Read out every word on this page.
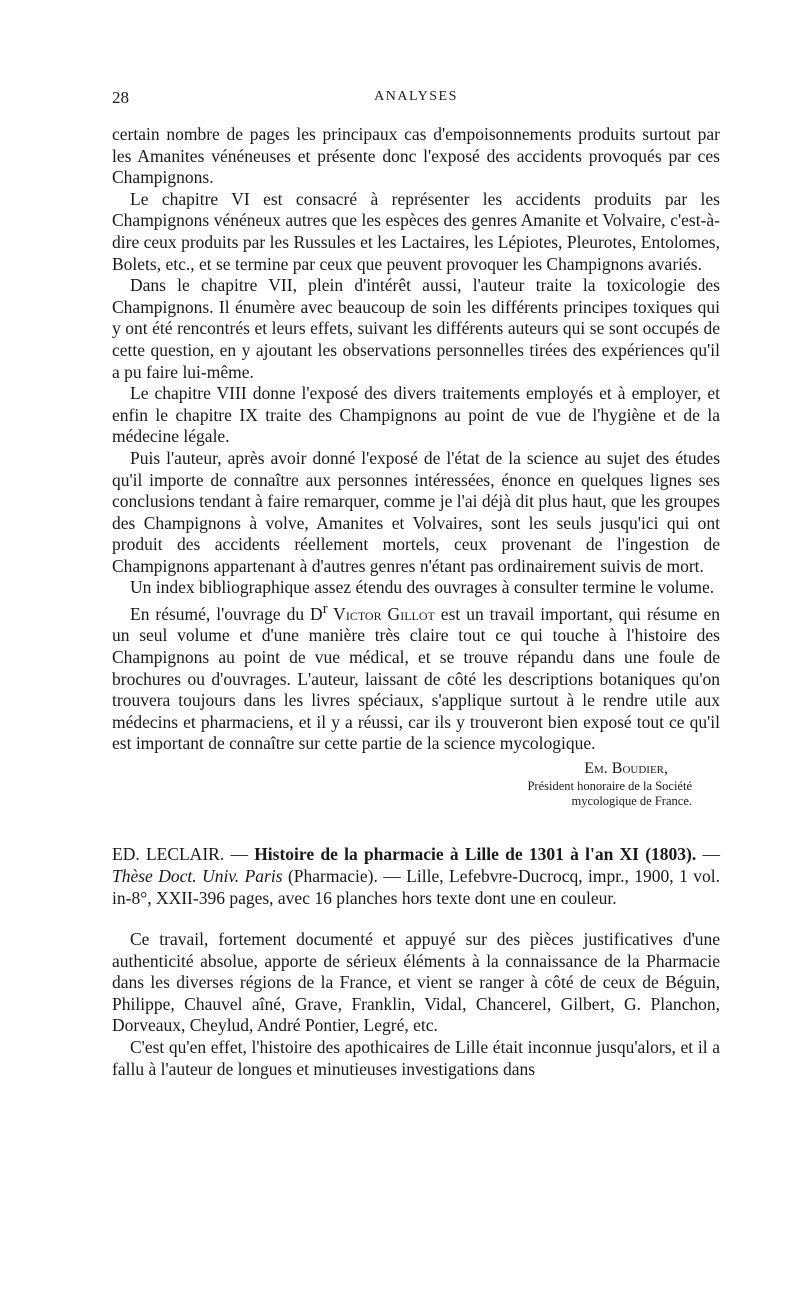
28	ANALYSES

certain nombre de pages les principaux cas d'empoisonnements produits surtout par les Amanites vénéneuses et présente donc l'exposé des accidents provoqués par ces Champignons.

Le chapitre VI est consacré à représenter les accidents produits par les Champignons vénéneux autres que les espèces des genres Amanite et Volvaire, c'est-à-dire ceux produits par les Russules et les Lactaires, les Lépiotes, Pleurotes, Entolomes, Bolets, etc., et se termine par ceux que peuvent provoquer les Champignons avariés.

Dans le chapitre VII, plein d'intérêt aussi, l'auteur traite la toxicologie des Champignons. Il énumère avec beaucoup de soin les différents principes toxiques qui y ont été rencontrés et leurs effets, suivant les différents auteurs qui se sont occupés de cette question, en y ajoutant les observations personnelles tirées des expériences qu'il a pu faire lui-même.

Le chapitre VIII donne l'exposé des divers traitements employés et à employer, et enfin le chapitre IX traite des Champignons au point de vue de l'hygiène et de la médecine légale.

Puis l'auteur, après avoir donné l'exposé de l'état de la science au sujet des études qu'il importe de connaître aux personnes intéressées, énonce en quelques lignes ses conclusions tendant à faire remarquer, comme je l'ai déjà dit plus haut, que les groupes des Champignons à volve, Amanites et Volvaires, sont les seuls jusqu'ici qui ont produit des accidents réellement mortels, ceux provenant de l'ingestion de Champignons appartenant à d'autres genres n'étant pas ordinairement suivis de mort.

Un index bibliographique assez étendu des ouvrages à consulter termine le volume.

En résumé, l'ouvrage du $D^r$ Victor Gillot est un travail important, qui résume en un seul volume et d'une manière très claire tout ce qui touche à l'histoire des Champignons au point de vue médical, et se trouve répandu dans une foule de brochures ou d'ouvrages. L'auteur, laissant de côté les descriptions botaniques qu'on trouvera toujours dans les livres spéciaux, s'applique surtout à le rendre utile aux médecins et pharmaciens, et il y a réussi, car ils y trouveront bien exposé tout ce qu'il est important de connaître sur cette partie de la science mycologique.

Em. Boudier,
Président honoraire de la Société
mycologique de France.

ED. LECLAIR. — Histoire de la pharmacie à Lille de 1301 à l'an XI (1803). — Thèse Doct. Univ. Paris (Pharmacie). — Lille, Lefebvre-Ducrocq, impr., 1900, 1 vol. in-8°, XXII-396 pages, avec 16 planches hors texte dont une en couleur.

Ce travail, fortement documenté et appuyé sur des pièces justificatives d'une authenticité absolue, apporte de sérieux éléments à la connaissance de la Pharmacie dans les diverses régions de la France, et vient se ranger à côté de ceux de Béguin, Philippe, Chauvel aîné, Grave, Franklin, Vidal, Chancerel, Gilbert, G. Planchon, Dorveaux, Cheylud, André Pontier, Legré, etc.

C'est qu'en effet, l'histoire des apothicaires de Lille était inconnue jusqu'alors, et il a fallu à l'auteur de longues et minutieuses investigations dans
